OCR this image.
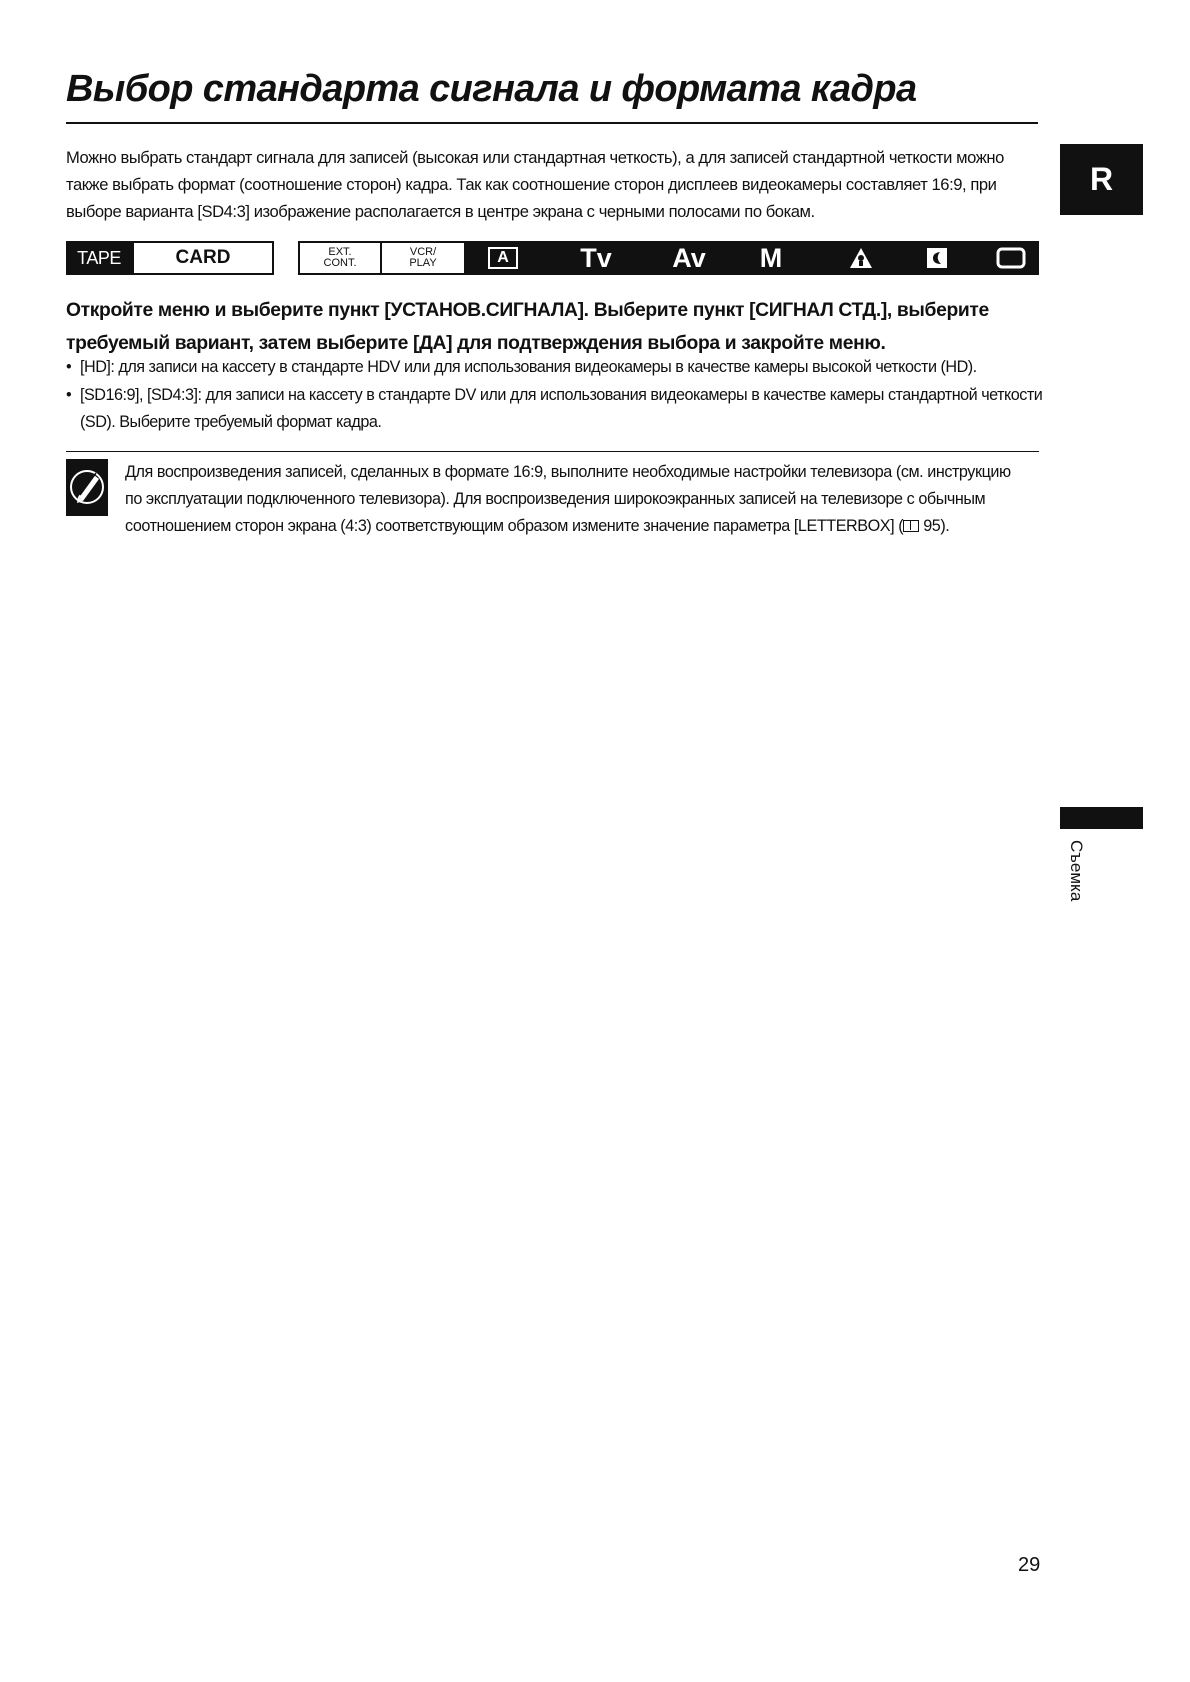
Выбор стандарта сигнала и формата кадра

Можно выбрать стандарт сигнала для записей (высокая или стандартная четкость), а для записей стандартной четкости можно также выбрать формат (соотношение сторон) кадра. Так как соотношение сторон дисплеев видеокамеры составляет 16:9, при выборе варианта [SD4:3] изображение располагается в центре экрана с черными полосами по бокам.

R
TAPE	CARD	EXT.
CONT.
VCR/
PLAY	A	Tv	Av	M

Откройте меню и выберите пункт [УСТАНОВ.СИГНАЛА]. Выберите пункт [СИГНАЛ СТД.], выберите требуемый вариант, затем выберите [ДА] для подтверждения выбора и закройте меню.

• [HD]: для записи на кассету в стандарте HDV или для использования видеокамеры в качестве камеры высокой четкости (HD).
• [SD16:9], [SD4:3]: для записи на кассету в стандарте DV или для использования видеокамеры в качестве камеры стандартной четкости (SD). Выберите требуемый формат кадра.
Для воспроизведения записей, сделанных в формате 16:9, выполните необходимые настройки телевизора (см. инструкцию по эксплуатации подключенного телевизора). Для воспроизведения широкоэкранных записей на телевизоре с обычным соотношением сторон экрана (4:3) соответствующим образом измените значение параметра [LETTERBOX] ( 95).
Съемка
29
